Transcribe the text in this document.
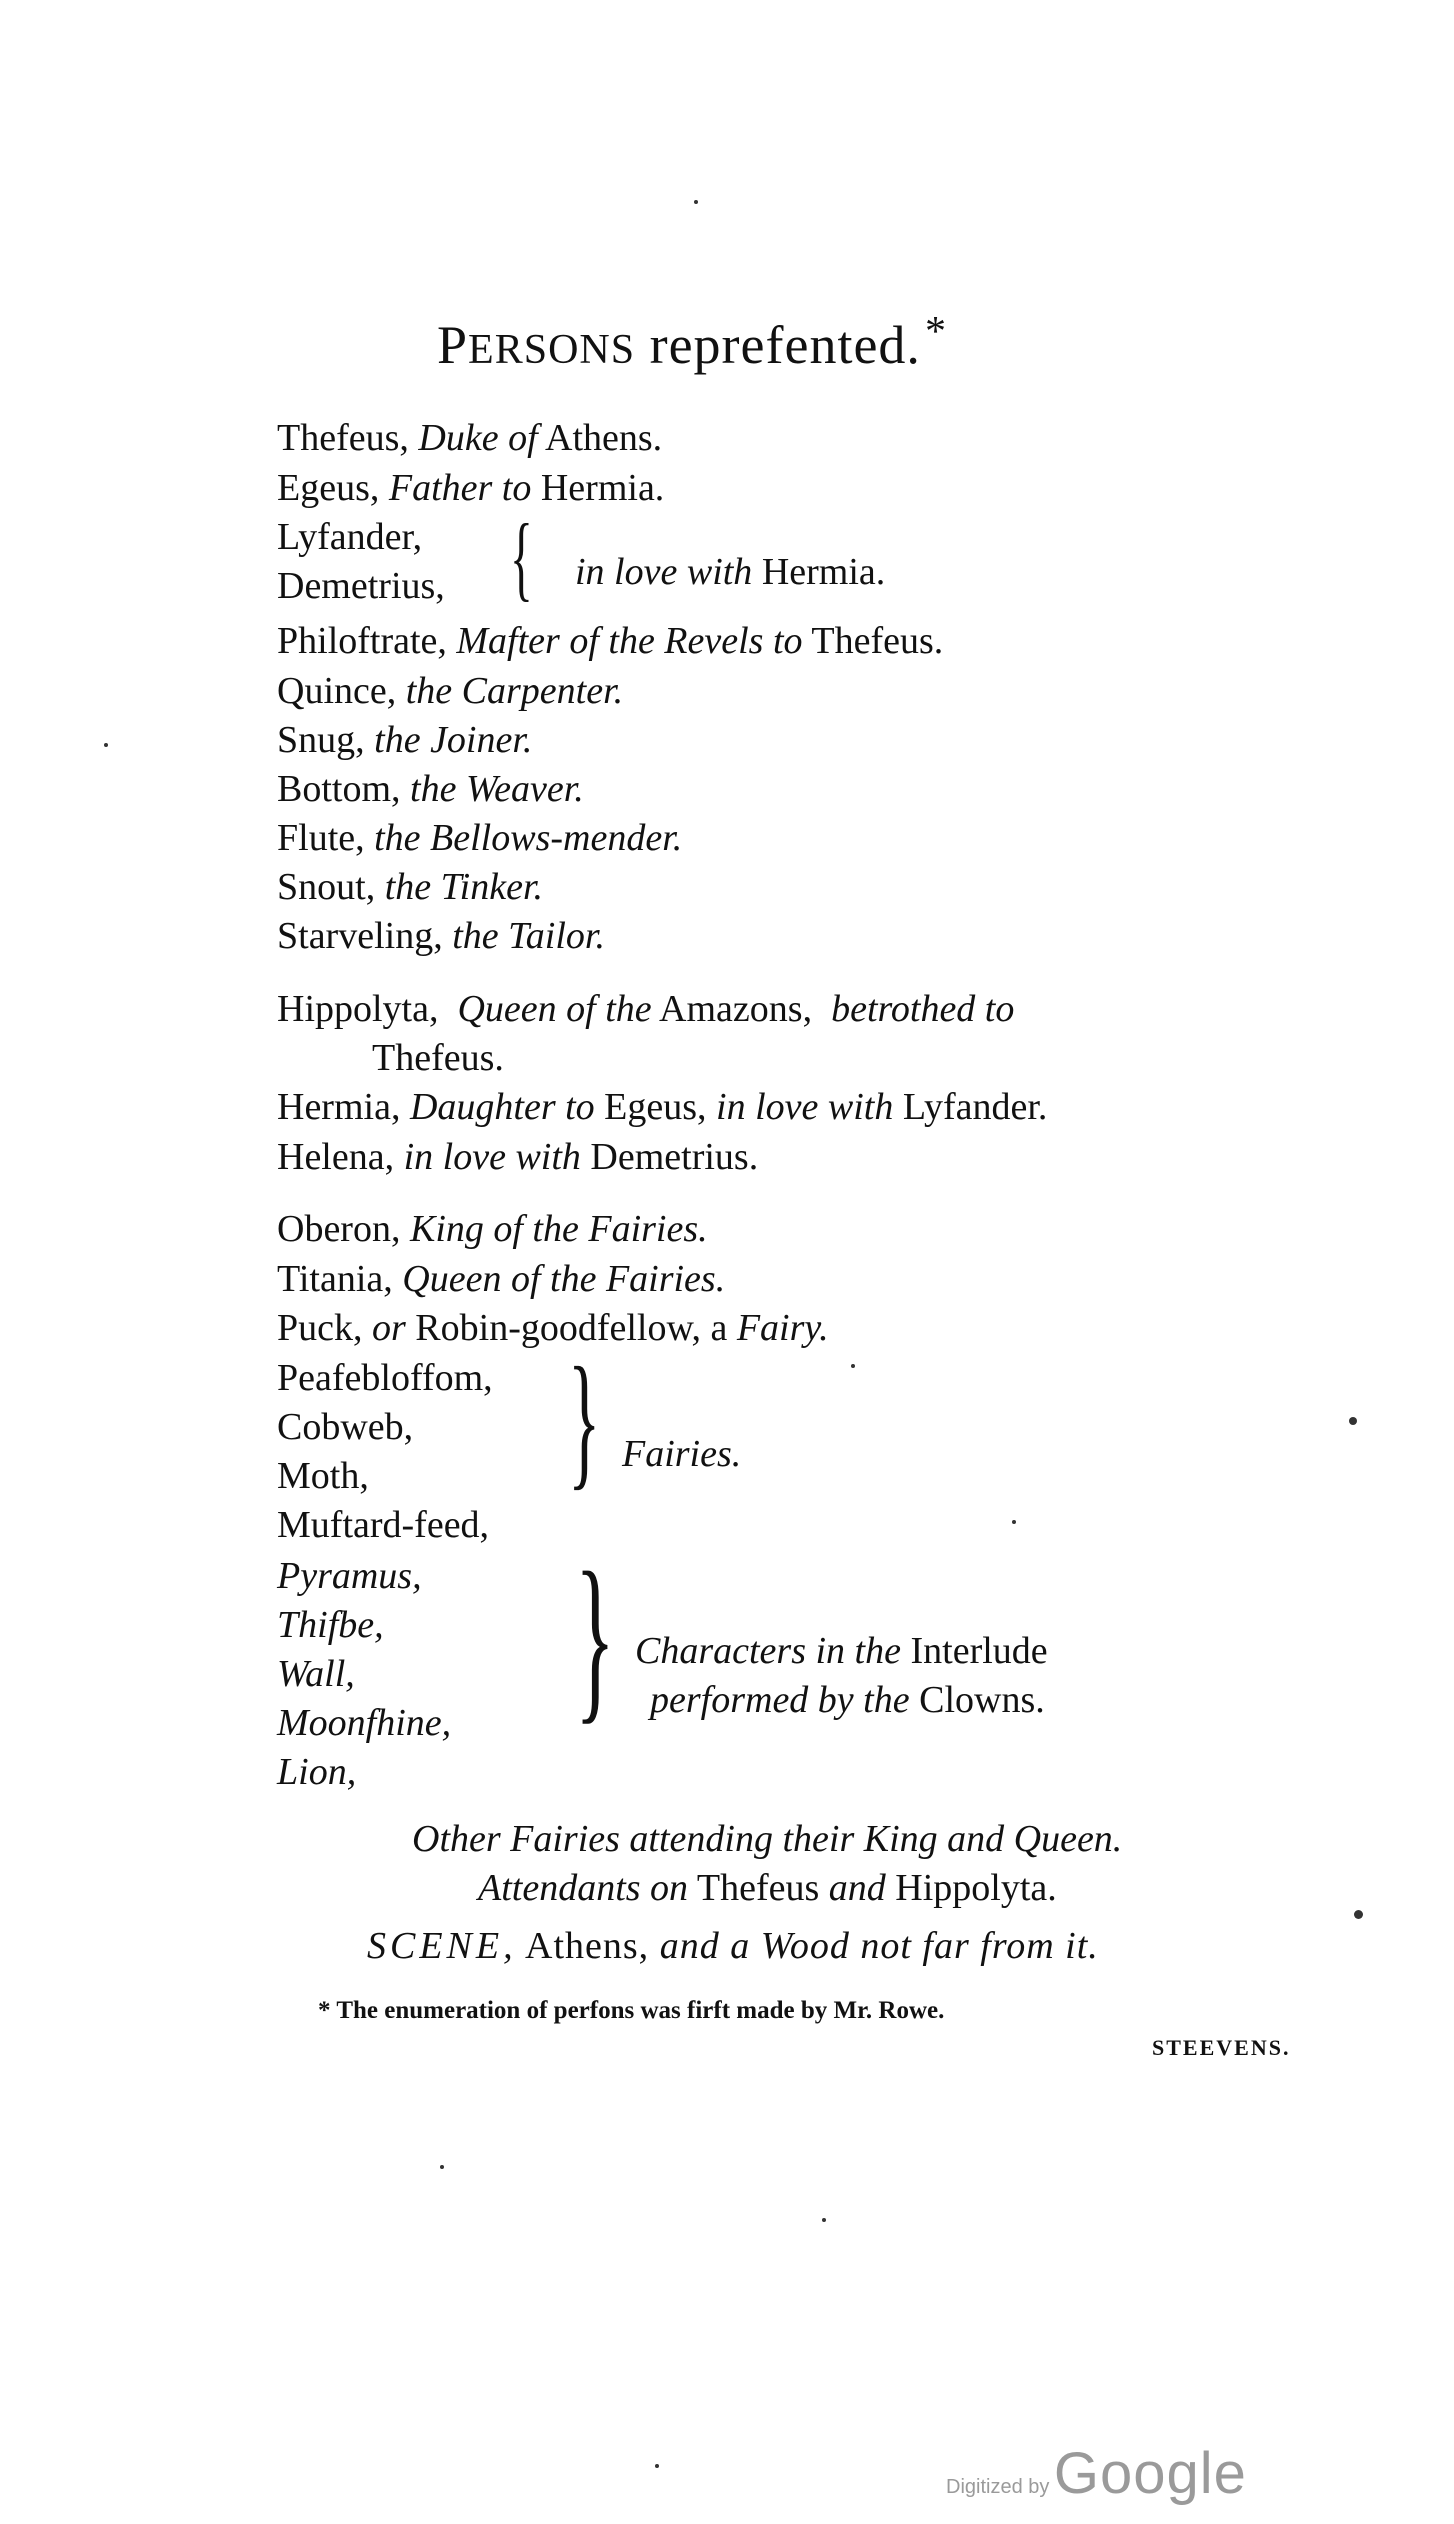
PERSONS reprefented.*
Thefeus, Duke of Athens.
Egeus, Father to Hermia.
Lyfander,
Demetrius, { in love with Hermia.
Philoftrate, Mafter of the Revels to Thefeus.
Quince, the Carpenter.
Snug, the Joiner.
Bottom, the Weaver.
Flute, the Bellows-mender.
Snout, the Tinker.
Starveling, the Tailor.
Hippolyta, Queen of the Amazons, betrothed to
Thefeus.
Hermia, Daughter to Egeus, in love with Lyfander.
Helena, in love with Demetrius.
Oberon, King of the Fairies.
Titania, Queen of the Fairies.
Puck, or Robin-goodfellow, a Fairy.
Peafebloffom,
Cobweb,
Moth,
Muftard-feed,
} Fairies.
Pyramus,
Thifbe,
Wall,
Moonfhine,
Lion,
} Characters in the Interlude
performed by the Clowns.
Other Fairies attending their King and Queen.
Attendants on Thefeus and Hippolyta.
SCENE, Athens, and a Wood not far from it.
* The enumeration of perfons was firft made by Mr. Rowe.
STEEVENS.
Digitized by Google
